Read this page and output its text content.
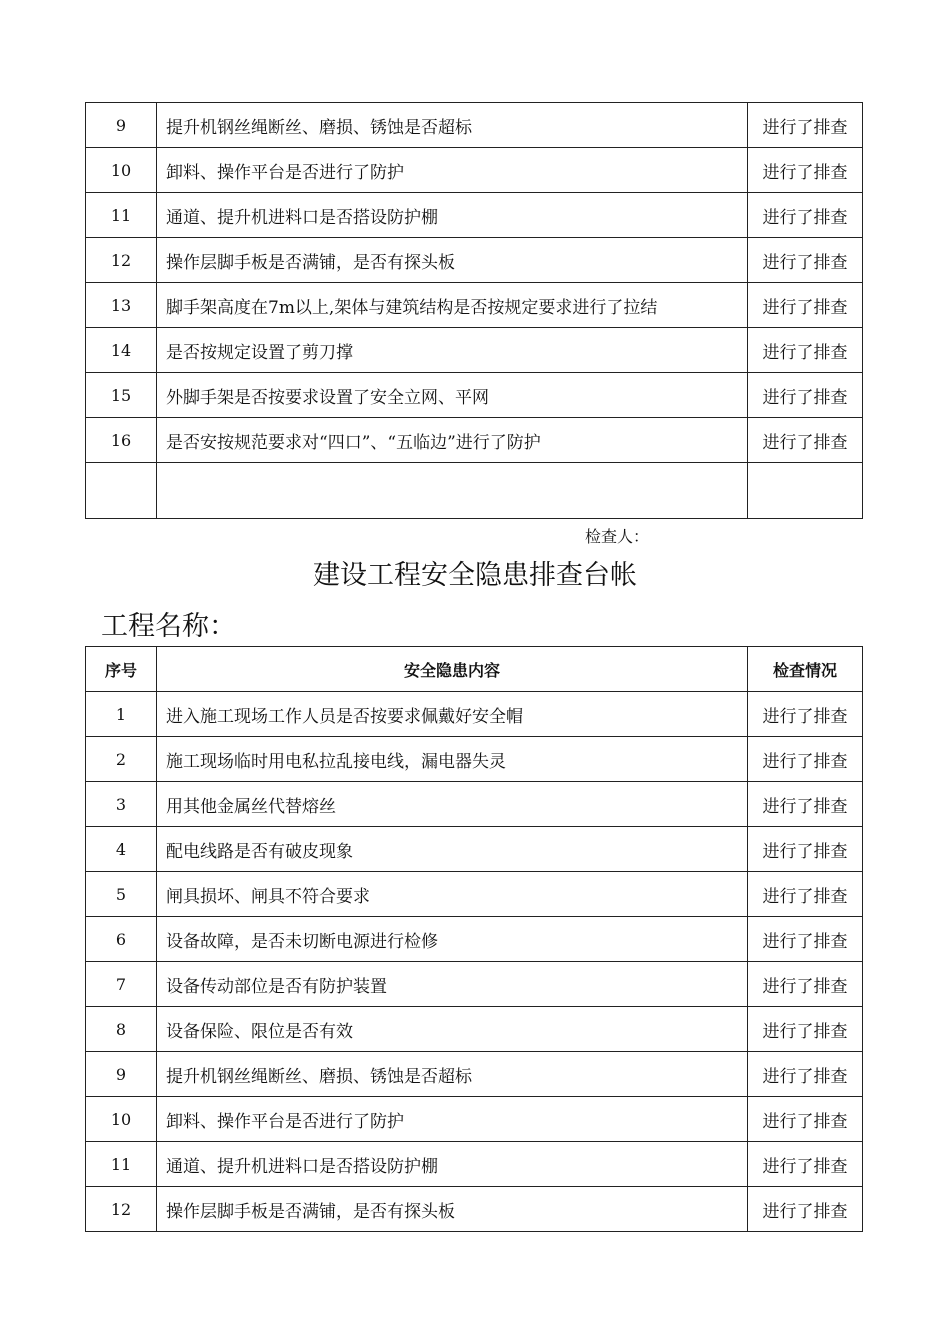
9	提升机钢丝绳断丝、磨损、锈蚀是否超标	进行了排查
10	卸料、操作平台是否进行了防护	进行了排查
11	通道、提升机进料口是否搭设防护棚	进行了排查
12	操作层脚手板是否满铺，是否有探头板	进行了排查
13	脚手架高度在7m以上,架体与建筑结构是否按规定要求进行了拉结	进行了排查
14	是否按规定设置了剪刀撑	进行了排查
15	外脚手架是否按要求设置了安全立网、平网	进行了排查
16	是否安按规范要求对“四口”、“五临边”进行了防护	进行了排查

检查人：
建设工程安全隐患排查台帐
工程名称：
序号	安全隐患内容	检查情况
1	进入施工现场工作人员是否按要求佩戴好安全帽	进行了排查
2	施工现场临时用电私拉乱接电线，漏电器失灵	进行了排查
3	用其他金属丝代替熔丝	进行了排查
4	配电线路是否有破皮现象	进行了排查
5	闸具损坏、闸具不符合要求	进行了排查
6	设备故障，是否未切断电源进行检修	进行了排查
7	设备传动部位是否有防护装置	进行了排查
8	设备保险、限位是否有效	进行了排查
9	提升机钢丝绳断丝、磨损、锈蚀是否超标	进行了排查
10	卸料、操作平台是否进行了防护	进行了排查
11	通道、提升机进料口是否搭设防护棚	进行了排查
12	操作层脚手板是否满铺，是否有探头板	进行了排查
